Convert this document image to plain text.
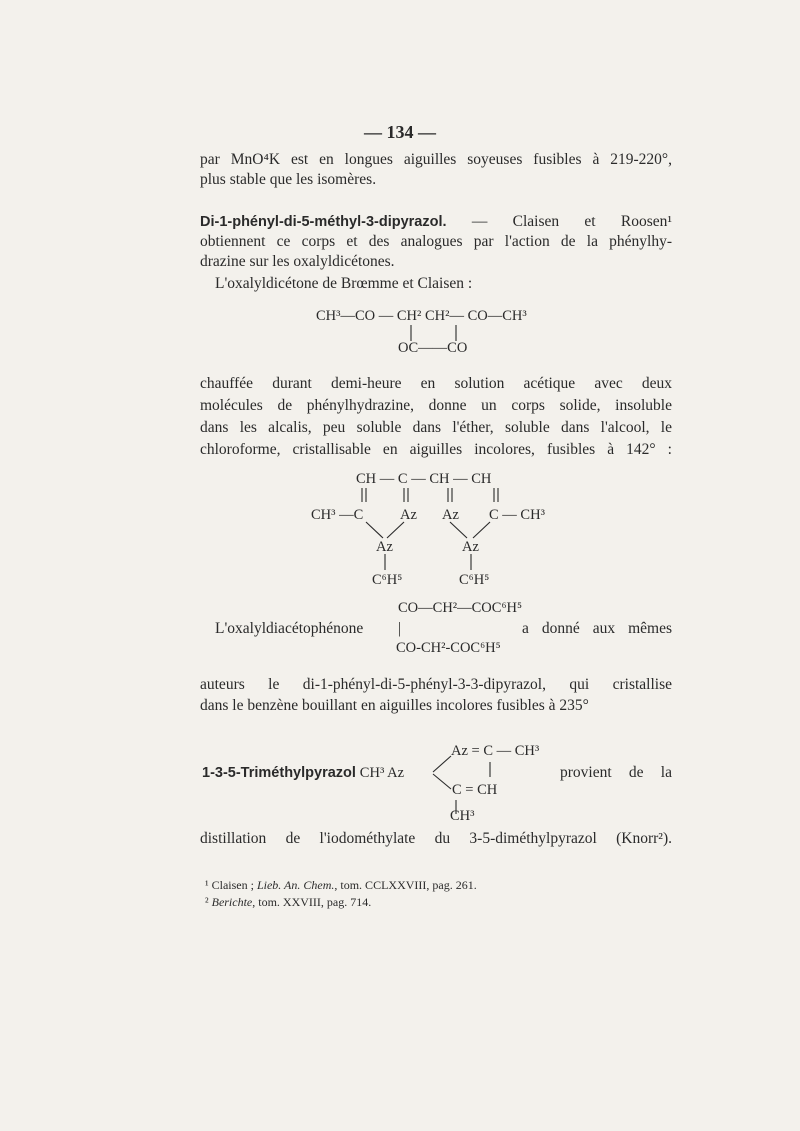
— 134 —
par MnO⁴K est en longues aiguilles soyeuses fusibles à 219-220°,
plus stable que les isomères.
Di-1-phényl-di-5-méthyl-3-dipyrazol. — Claisen et Roosen¹
obtiennent ce corps et des analogues par l'action de la phénylhy-
drazine sur les oxalyldicétones.
L'oxalyldicétone de Brœmme et Claisen :
CH³—CO — CH² CH²— CO—CH³
OC——CO
chauffée durant demi-heure en solution acétique avec deux
molécules de phénylhydrazine, donne un corps solide, insoluble
dans les alcalis, peu soluble dans l'éther, soluble dans l'alcool, le
chloroforme, cristallisable en aiguilles incolores, fusibles à 142° :
CH — C — CH — CH
CH³ —C	Az Az C — CH³
Az	Az
C⁶H⁵	C⁶H⁵
CO—CH²—COC⁶H⁵
L'oxalyldiacétophénone |	a donné aux mêmes
CO-CH²-COC⁶H⁵
auteurs le di-1-phényl-di-5-phényl-3-3-dipyrazol, qui cristallise
dans le benzène bouillant en aiguilles incolores fusibles à 235°
Az = C — CH³
1-3-5-Triméthylpyrazol CH³ Az	provient de la
C = CH
CH³
distillation de l'iodométhylate du 3-5-diméthylpyrazol (Knorr²).
¹ Claisen ; Lieb. An. Chem., tom. CCLXXVIII, pag. 261.
² Berichte, tom. XXVIII, pag. 714.
